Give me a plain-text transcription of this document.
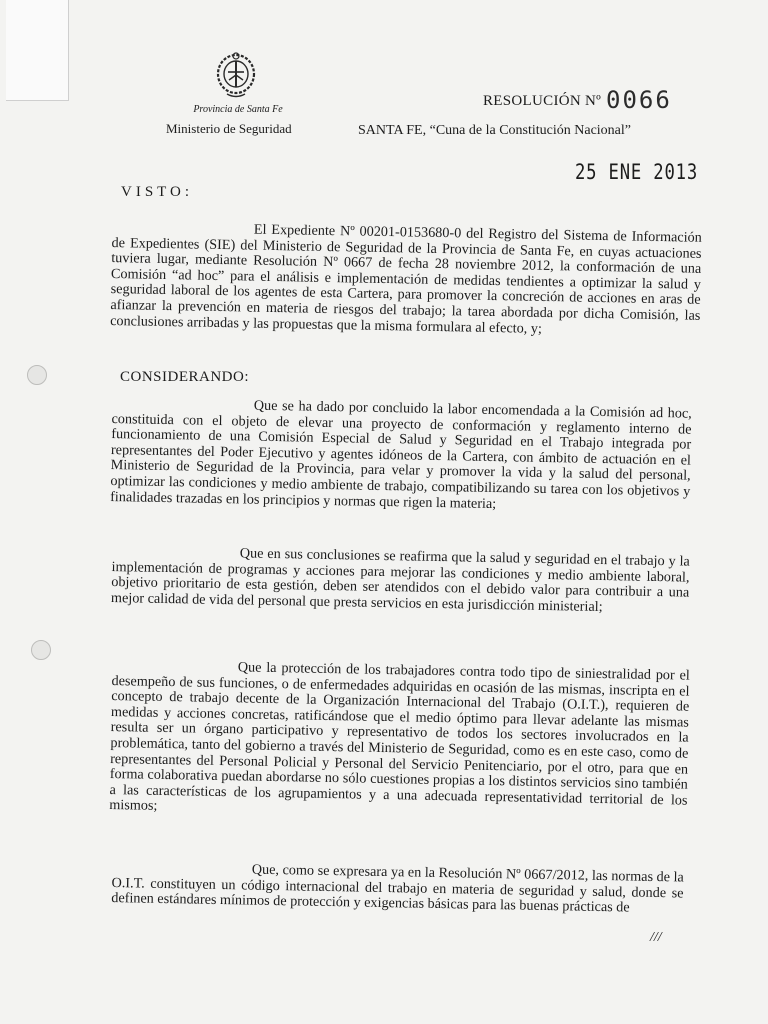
Provincia de Santa Fe
Ministerio de Seguridad
RESOLUCIÓN Nº 0066
SANTA FE, “Cuna de la Constitución Nacional”
25 ENE 2013
VISTO:
El Expediente Nº 00201-0153680-0 del Registro del Sistema de Información de Expedientes (SIE) del Ministerio de Seguridad de la Provincia de Santa Fe, en cuyas actuaciones tuviera lugar, mediante Resolución Nº 0667 de fecha 28 noviembre 2012, la conformación de una Comisión “ad hoc” para el análisis e implementación de medidas tendientes a optimizar la salud y seguridad laboral de los agentes de esta Cartera, para promover la concreción de acciones en aras de afianzar la prevención en materia de riesgos del trabajo; la tarea abordada por dicha Comisión, las conclusiones arribadas y las propuestas que la misma formulara al efecto, y;
CONSIDERANDO:
Que se ha dado por concluido la labor encomendada a la Comisión ad hoc, constituida con el objeto de elevar una proyecto de conformación y reglamento interno de funcionamiento de una Comisión Especial de Salud y Seguridad en el Trabajo integrada por representantes del Poder Ejecutivo y agentes idóneos de la Cartera, con ámbito de actuación en el Ministerio de Seguridad de la Provincia, para velar y promover la vida y la salud del personal, optimizar las condiciones y medio ambiente de trabajo, compatibilizando su tarea con los objetivos y finalidades trazadas en los principios y normas que rigen la materia;
Que en sus conclusiones se reafirma que la salud y seguridad en el trabajo y la implementación de programas y acciones para mejorar las condiciones y medio ambiente laboral, objetivo prioritario de esta gestión, deben ser atendidos con el debido valor para contribuir a una mejor calidad de vida del personal que presta servicios en esta jurisdicción ministerial;
Que la protección de los trabajadores contra todo tipo de siniestralidad por el desempeño de sus funciones, o de enfermedades adquiridas en ocasión de las mismas, inscripta en el concepto de trabajo decente de la Organización Internacional del Trabajo (O.I.T.), requieren de medidas y acciones concretas, ratificándose que el medio óptimo para llevar adelante las mismas resulta ser un órgano participativo y representativo de todos los sectores involucrados en la problemática, tanto del gobierno a través del Ministerio de Seguridad, como es en este caso, como de representantes del Personal Policial y Personal del Servicio Penitenciario, por el otro, para que en forma colaborativa puedan abordarse no sólo cuestiones propias a los distintos servicios sino también a las características de los agrupamientos y a una adecuada representatividad territorial de los mismos;
Que, como se expresara ya en la Resolución Nº 0667/2012, las normas de la O.I.T. constituyen un código internacional del trabajo en materia de seguridad y salud, donde se definen estándares mínimos de protección y exigencias básicas para las buenas prácticas de
///
